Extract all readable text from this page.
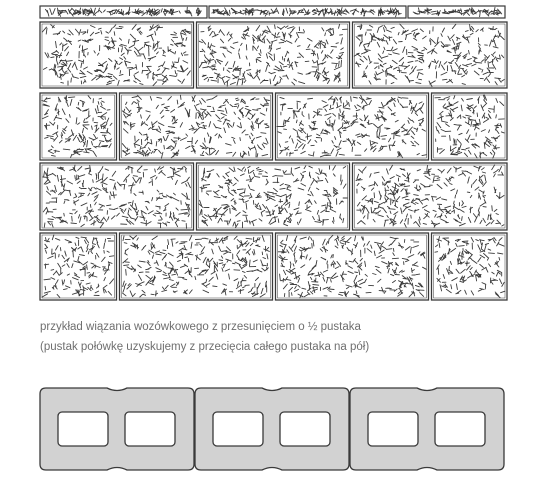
przykład wiązania wozówkowego z przesunięciem o ½ pustaka
(pustak połówkę uzyskujemy z przecięcia całego pustaka na pół)
